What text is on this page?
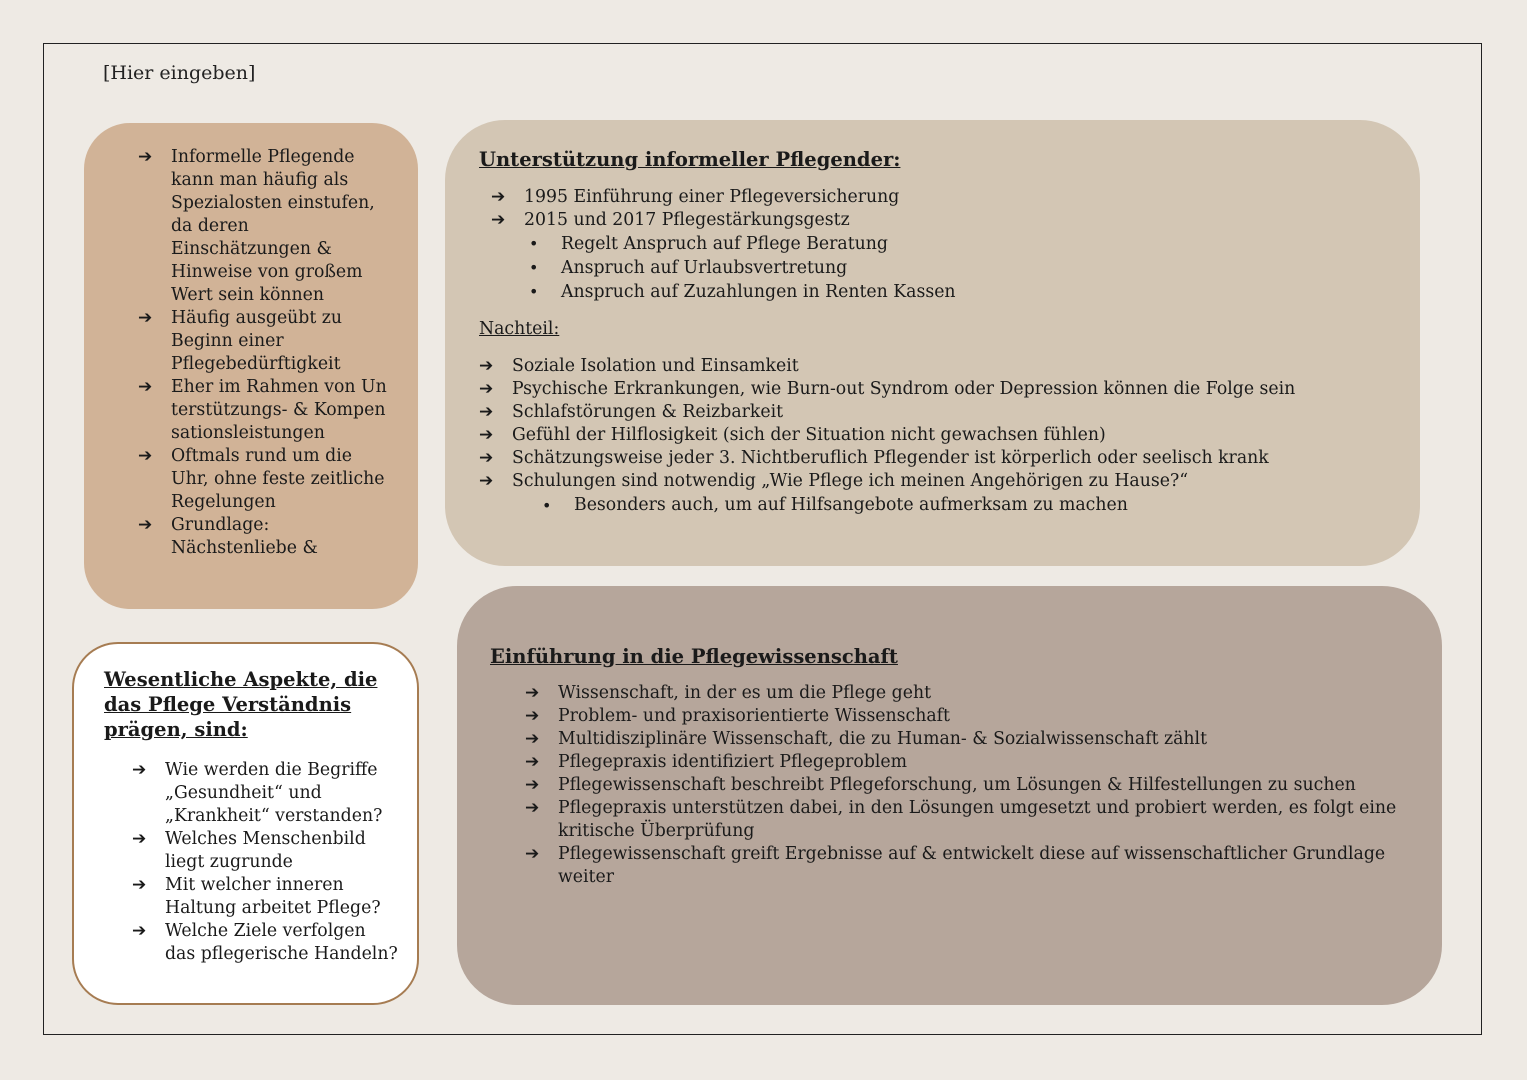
[Hier eingeben]
➔ Informelle Pflegende kann man häufig als Spezialosten einstufen, da deren Einschätzungen & Hinweise von großem Wert sein können
➔ Häufig ausgeübt zu Beginn einer Pflegebedürftigkeit
➔ Eher im Rahmen von Unterstützungs- & Kompensationsleistungen
➔ Oftmals rund um die Uhr, ohne feste zeitliche Regelungen
➔ Grundlage: Nächstenliebe &
Wesentliche Aspekte, die das Pflege Verständnis prägen, sind:
➔ Wie werden die Begriffe „Gesundheit“ und „Krankheit“ verstanden?
➔ Welches Menschenbild liegt zugrunde
➔ Mit welcher inneren Haltung arbeitet Pflege?
➔ Welche Ziele verfolgen das pflegerische Handeln?
Unterstützung informeller Pflegender:
➔ 1995 Einführung einer Pflegeversicherung
➔ 2015 und 2017 Pflegestärkungsgestz
• Regelt Anspruch auf Pflege Beratung
• Anspruch auf Urlaubsvertretung
• Anspruch auf Zuzahlungen in Renten Kassen
Nachteil:
➔ Soziale Isolation und Einsamkeit
➔ Psychische Erkrankungen, wie Burn-out Syndrom oder Depression können die Folge sein
➔ Schlafstörungen & Reizbarkeit
➔ Gefühl der Hilflosigkeit (sich der Situation nicht gewachsen fühlen)
➔ Schätzungsweise jeder 3. Nichtberuflich Pflegender ist körperlich oder seelisch krank
➔ Schulungen sind notwendig „Wie Pflege ich meinen Angehörigen zu Hause?“
• Besonders auch, um auf Hilfsangebote aufmerksam zu machen
Einführung in die Pflegewissenschaft
➔ Wissenschaft, in der es um die Pflege geht
➔ Problem- und praxisorientierte Wissenschaft
➔ Multidisziplinäre Wissenschaft, die zu Human- & Sozialwissenschaft zählt
➔ Pflegepraxis identifiziert Pflegeproblem
➔ Pflegewissenschaft beschreibt Pflegeforschung, um Lösungen & Hilfestellungen zu suchen
➔ Pflegepraxis unterstützen dabei, in den Lösungen umgesetzt und probiert werden, es folgt eine kritische Überprüfung
➔ Pflegewissenschaft greift Ergebnisse auf & entwickelt diese auf wissenschaftlicher Grundlage weiter
